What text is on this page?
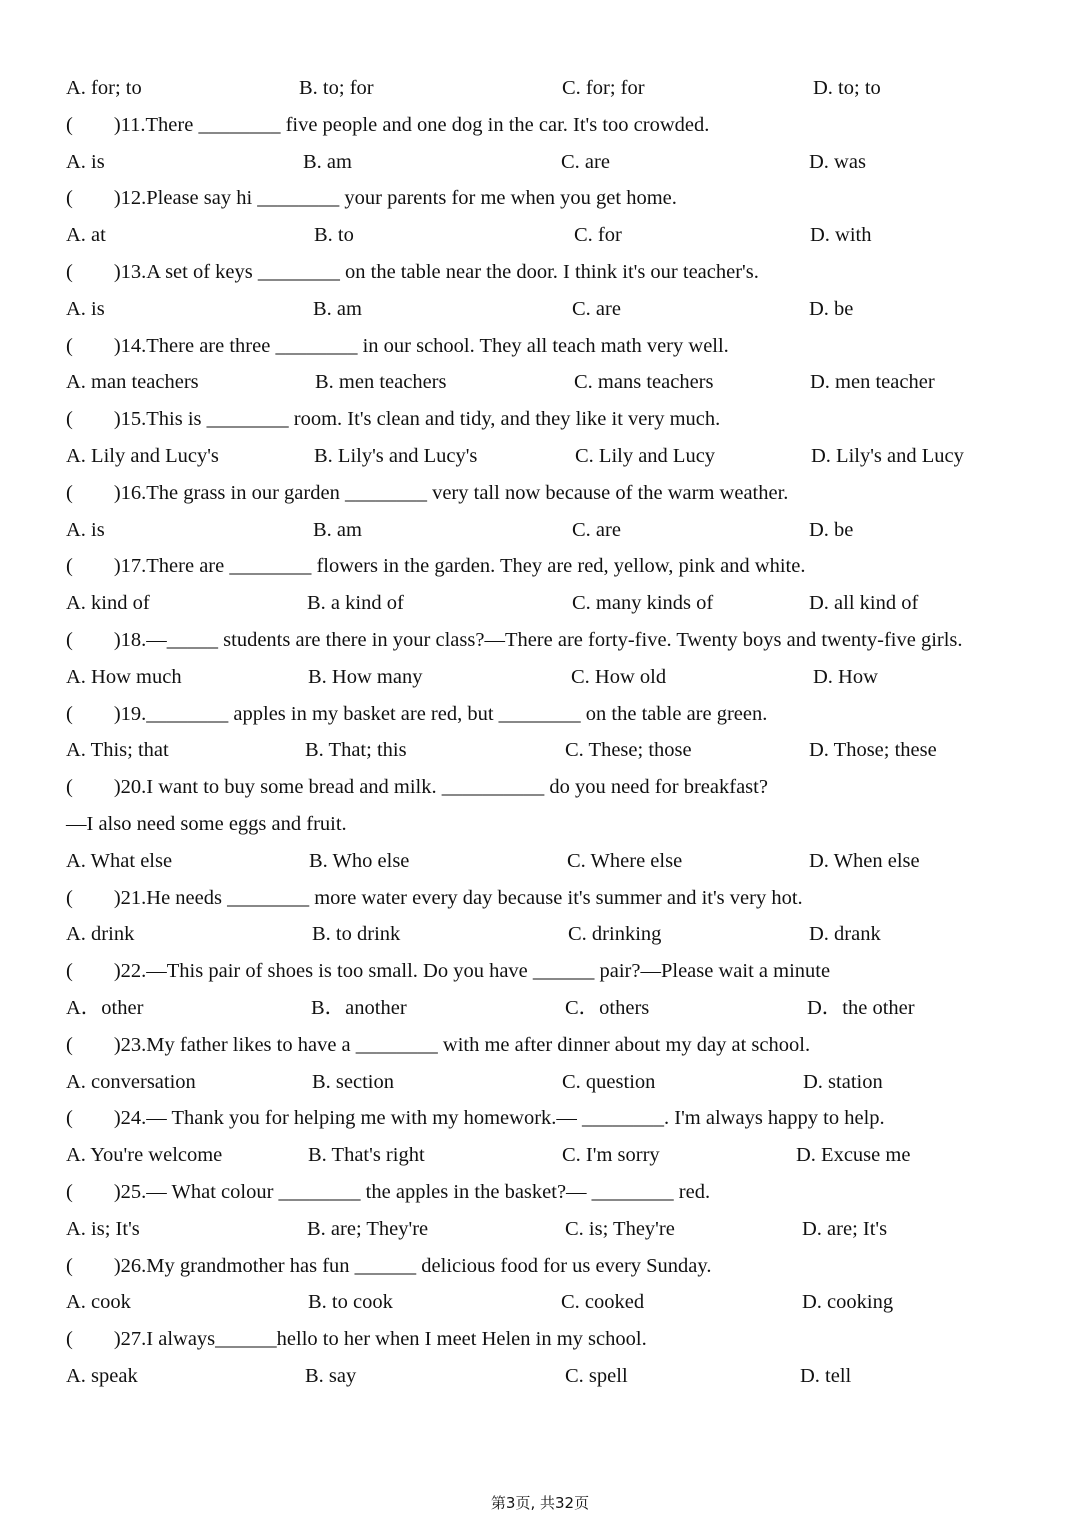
A. for; to	B. to; for	C. for; for	D. to; to
(        )11.There ________ five people and one dog in the car. It's too crowded.
A. is	B. am	C. are	D. was
(        )12.Please say hi ________ your parents for me when you get home.
A. at	B. to	C. for	D. with
(        )13.A set of keys ________ on the table near the door. I think it's our teacher's.
A. is	B. am	C. are	D. be
(        )14.There are three ________ in our school. They all teach math very well.
A. man teachers	B. men teachers	C. mans teachers	D. men teacher
(        )15.This is ________ room. It's clean and tidy, and they like it very much.
A. Lily and Lucy's	B. Lily's and Lucy's	C. Lily and Lucy	D. Lily's and Lucy
(        )16.The grass in our garden ________ very tall now because of the warm weather.
A. is	B. am	C. are	D. be
(        )17.There are ________ flowers in the garden. They are red, yellow, pink and white.
A. kind of	B. a kind of	C. many kinds of	D. all kind of
(        )18.—_____ students are there in your class?—There are forty-five. Twenty boys and twenty-five girls.
A. How much	B. How many	C. How old	D. How
(        )19.________ apples in my basket are red, but ________ on the table are green.
A. This; that	B. That; this	C. These; those	D. Those; these
(        )20.I want to buy some bread and milk. __________ do you need for breakfast?
—I also need some eggs and fruit.
A. What else	B. Who else	C. Where else	D. When else
(        )21.He needs ________ more water every day because it's summer and it's very hot.
A. drink	B. to drink	C. drinking	D. drank
(        )22.—This pair of shoes is too small. Do you have ______ pair?—Please wait a minute
A．other	B．another	C．others	D．the other
(        )23.My father likes to have a ________ with me after dinner about my day at school.
A. conversation	B. section	C. question	D. station
(        )24.— Thank you for helping me with my homework.— ________. I'm always happy to help.
A. You're welcome	B. That's right	C. I'm sorry	D. Excuse me
(        )25.— What colour ________ the apples in the basket?— ________ red.
A. is; It's	B. are; They're	C. is; They're	D. are; It's
(        )26.My grandmother has fun ______ delicious food for us every Sunday.
A. cook	B. to cook	C. cooked	D. cooking
(        )27.I always______hello to her when I meet Helen in my school.
A. speak	B. say	C. spell	D. tell
第3页, 共32页
